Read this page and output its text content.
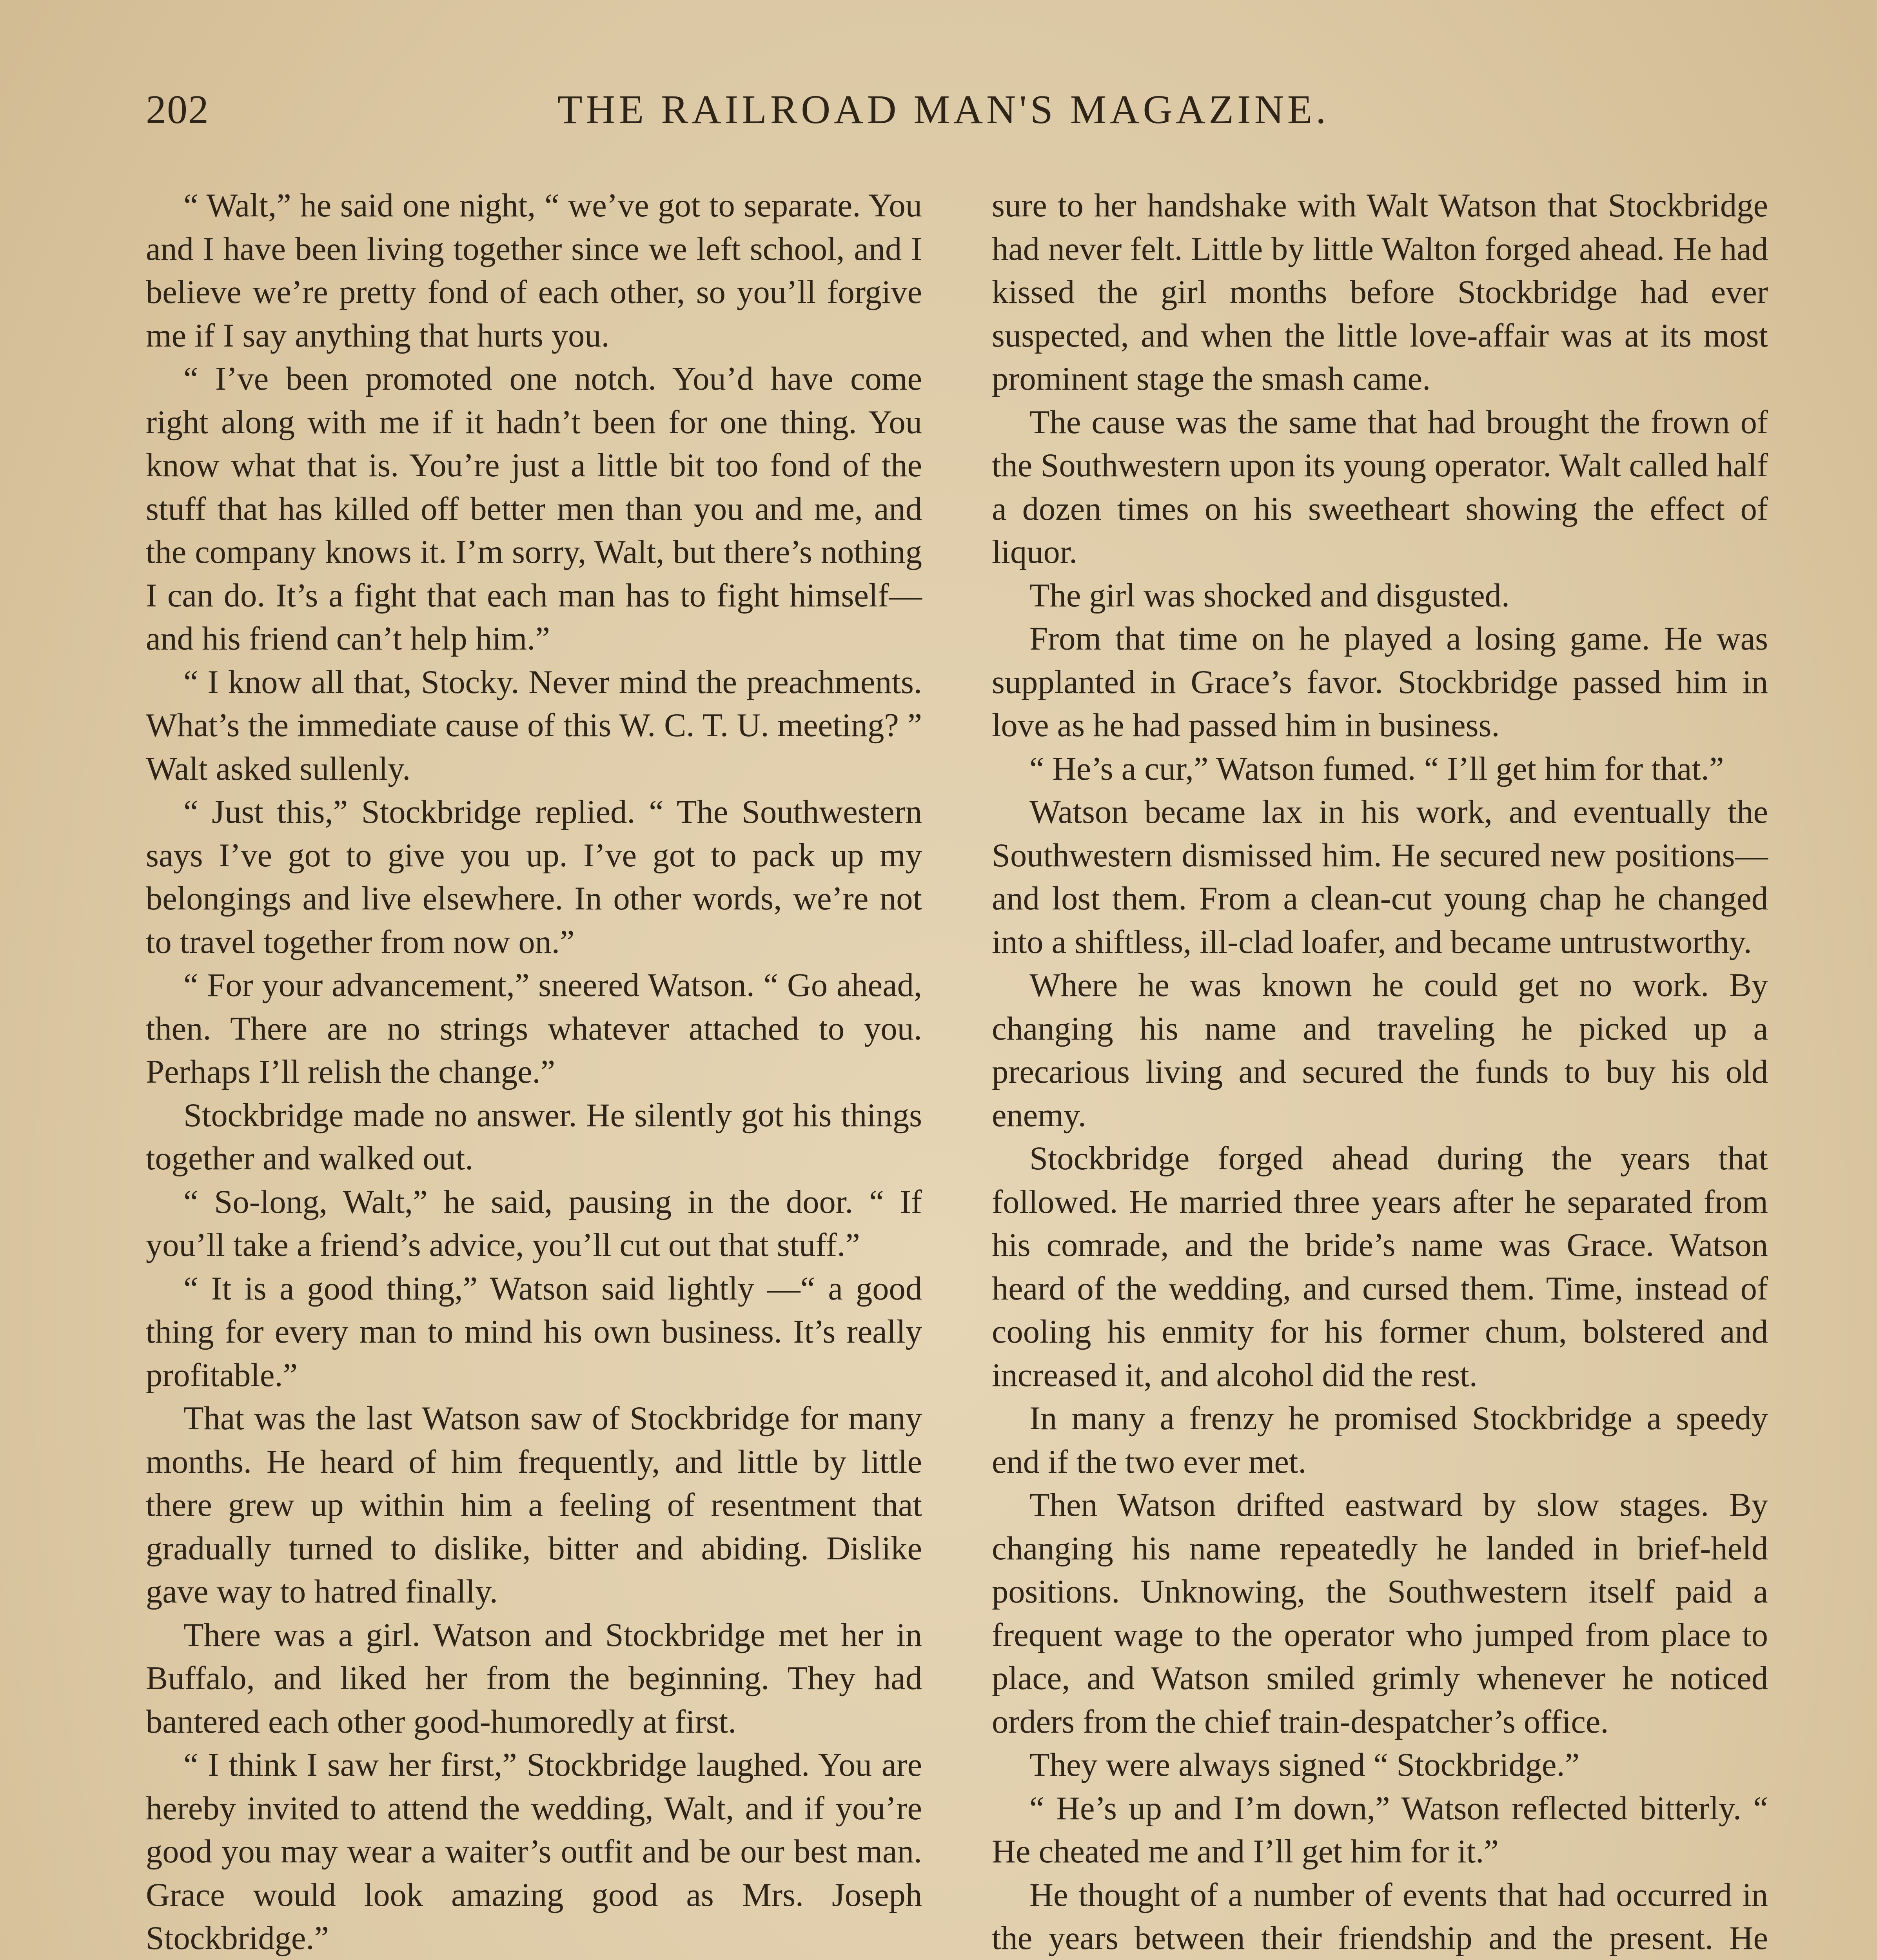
202	THE RAILROAD MAN'S MAGAZINE.

“ Walt,” he said one night, “ we’ve got to separate. You and I have been living together since we left school, and I believe we’re pretty fond of each other, so you’ll forgive me if I say anything that hurts you.

“ I’ve been promoted one notch. You’d have come right along with me if it hadn’t been for one thing. You know what that is. You’re just a little bit too fond of the stuff that has killed off better men than you and me, and the company knows it. I’m sorry, Walt, but there’s nothing I can do. It’s a fight that each man has to fight himself—and his friend can’t help him.”

“ I know all that, Stocky. Never mind the preachments. What’s the immediate cause of this W. C. T. U. meeting? ” Walt asked sullenly.

“ Just this,” Stockbridge replied. “ The Southwestern says I’ve got to give you up. I’ve got to pack up my belongings and live elsewhere. In other words, we’re not to travel together from now on.”

“ For your advancement,” sneered Watson. “ Go ahead, then. There are no strings whatever attached to you. Perhaps I’ll relish the change.”

Stockbridge made no answer. He silently got his things together and walked out.

“ So-long, Walt,” he said, pausing in the door. “ If you’ll take a friend’s advice, you’ll cut out that stuff.”

“ It is a good thing,” Watson said lightly —“ a good thing for every man to mind his own business. It’s really profitable.”

That was the last Watson saw of Stockbridge for many months. He heard of him frequently, and little by little there grew up within him a feeling of resentment that gradually turned to dislike, bitter and abiding. Dislike gave way to hatred finally.

There was a girl. Watson and Stockbridge met her in Buffalo, and liked her from the beginning. They had bantered each other good-humoredly at first.

“ I think I saw her first,” Stockbridge laughed. You are hereby invited to attend the wedding, Walt, and if you’re good you may wear a waiter’s outfit and be our best man. Grace would look amazing good as Mrs. Joseph Stockbridge.”

sure to her handshake with Walt Watson that Stockbridge had never felt. Little by little Walton forged ahead. He had kissed the girl months before Stockbridge had ever suspected, and when the little love-affair was at its most prominent stage the smash came.

The cause was the same that had brought the frown of the Southwestern upon its young operator. Walt called half a dozen times on his sweetheart showing the effect of liquor.

The girl was shocked and disgusted.

From that time on he played a losing game. He was supplanted in Grace’s favor. Stockbridge passed him in love as he had passed him in business.

“ He’s a cur,” Watson fumed. “ I’ll get him for that.”

Watson became lax in his work, and eventually the Southwestern dismissed him. He secured new positions—and lost them. From a clean-cut young chap he changed into a shiftless, ill-clad loafer, and became untrustworthy.

Where he was known he could get no work. By changing his name and traveling he picked up a precarious living and secured the funds to buy his old enemy.

Stockbridge forged ahead during the years that followed. He married three years after he separated from his comrade, and the bride’s name was Grace. Watson heard of the wedding, and cursed them. Time, instead of cooling his enmity for his former chum, bolstered and increased it, and alcohol did the rest.

In many a frenzy he promised Stockbridge a speedy end if the two ever met.

Then Watson drifted eastward by slow stages. By changing his name repeatedly he landed in brief-held positions. Unknowing, the Southwestern itself paid a frequent wage to the operator who jumped from place to place, and Watson smiled grimly whenever he noticed orders from the chief train-despatcher’s office.

They were always signed “ Stockbridge.”

“ He’s up and I’m down,” Watson reflected bitterly. “ He cheated me and I’ll get him for it.”

He thought of a number of events that had occurred in the years between their friendship and the present. He
